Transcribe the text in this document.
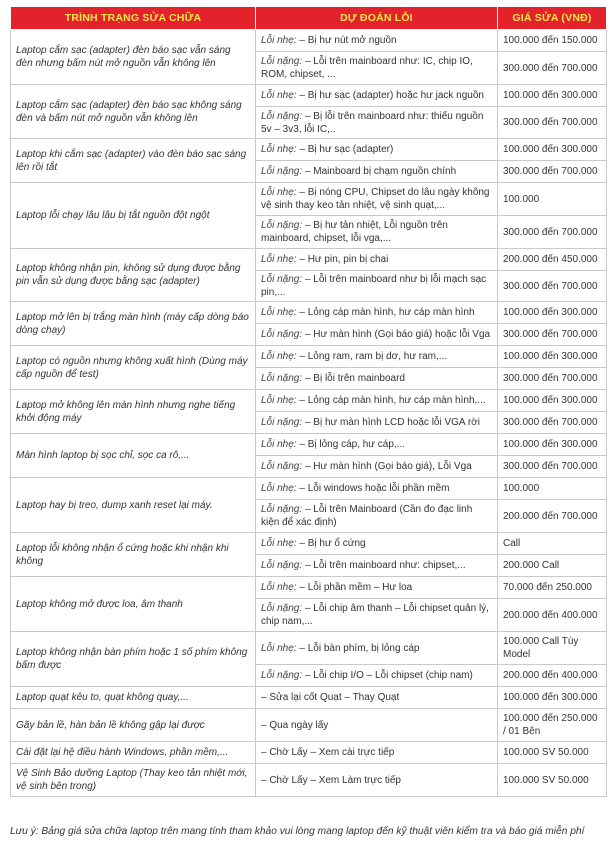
TRÌNH TRẠNG SỬA CHỮA	DỰ ĐOÁN LỖI	GIÁ SỬA (VNĐ)
Laptop cắm sạc (adapter) đèn báo sạc vẫn sáng đèn nhưng bấm nút mở nguồn vẫn không lên	Lỗi nhẹ: – Bị hư nút mở nguồn	100.000 đến 150.000
	Lỗi nặng: – Lỗi trên mainboard như: IC, chip IO, ROM, chipset, ...	300.000 đến 700.000
Laptop cắm sạc (adapter) đèn báo sạc không sáng đèn và bấm nút mở nguồn vẫn không lên	Lỗi nhẹ: – Bị hư sạc (adapter) hoặc hư jack nguồn	100.000 đến 300.000
	Lỗi nặng: – Bị lỗi trên mainboard như: thiếu nguồn 5v – 3v3, lỗi IC,..	300.000 đến 700.000
Laptop khi cắm sạc (adapter) vào đèn báo sạc sáng lên rồi tắt	Lỗi nhẹ: – Bị hư sạc (adapter)	100.000 đến 300.000
	Lỗi nặng: – Mainboard bị chạm nguồn chính	300.000 đến 700.000
Laptop lỗi chạy lâu lâu bị tắt nguồn đột ngột	Lỗi nhẹ: – Bị nóng CPU, Chipset do lâu ngày không vệ sinh thay keo tản nhiệt, vệ sinh quạt,...	100.000
	Lỗi nặng: – Bị hư tản nhiệt, Lỗi nguồn trên mainboard, chipset, lỗi vga,...	300.000 đến 700.000
Laptop không nhận pin, không sử dụng được bằng pin vẫn sử dụng được bằng sạc (adapter)	Lỗi nhẹ: – Hư pin, pin bị chai	200.000 đến 450.000
	Lỗi nặng: – Lỗi trên mainboard như bị lỗi mạch sạc pin,...	300.000 đến 700.000
Laptop mở lên bị trắng màn hình (máy cấp dòng báo dòng chạy)	Lỗi nhẹ: – Lỏng cáp màn hình, hư cáp màn hình	100.000 đến 300.000
	Lỗi nặng: – Hư màn hình (Gọi báo giá) hoặc lỗi Vga	300.000 đến 700.000
Laptop có nguồn nhưng không xuất hình (Dùng máy cấp nguồn để test)	Lỗi nhẹ: – Lỏng ram, ram bị dơ, hư ram,...	100.000 đến 300.000
	Lỗi nặng: – Bị lỗi trên mainboard	300.000 đến 700.000
Laptop mở không lên màn hình nhưng nghe tiếng khởi động máy	Lỗi nhẹ: – Lỏng cáp màn hình, hư cáp màn hình,...	100.000 đến 300.000
	Lỗi nặng: – Bị hư màn hình LCD hoặc lỗi VGA rời	300.000 đến 700.000
Màn hình laptop bị sọc chỉ, sọc ca rô,...	Lỗi nhẹ: – Bị lỏng cáp, hư cáp,...	100.000 đến 300.000
	Lỗi nặng: – Hư màn hình (Gọi báo giá), Lỗi Vga	300.000 đến 700.000
Laptop hay bị treo, dump xanh reset lại máy.	Lỗi nhẹ: – Lỗi windows hoặc lỗi phần mềm	100.000
	Lỗi nặng: – Lỗi trên Mainboard (Cần đo đạc linh kiện để xác định)	200.000 đến 700.000
Laptop lỗi không nhận ổ cứng hoặc khi nhận khi không	Lỗi nhẹ: – Bị hư ổ cứng	Call
	Lỗi nặng: – Lỗi trên mainboard như: chipset,...	200.000 Call
Laptop không mở được loa, âm thanh	Lỗi nhẹ: – Lỗi phần mềm – Hư loa	70.000 đến 250.000
	Lỗi nặng: – Lỗi chip âm thanh – Lỗi chipset quản lý, chip nam,...	200.000 đến 400.000
Laptop không nhận bàn phím hoặc 1 số phím không bấm được	Lỗi nhẹ: – Lỗi bàn phím, bị lỏng cáp	100.000 Call Tùy Model
	Lỗi nặng: – Lỗi chip I/O – Lỗi chipset (chip nam)	200.000 đến 400.000
Laptop quạt kêu to, quạt không quay,...	– Sửa lại cốt Quạt – Thay Quạt	100.000 đến 300.000
Gãy bản lề, hàn bản lề không gập lại được	– Qua ngày lấy	100.000 đến 250.000 / 01 Bên
Cài đặt lại hệ điều hành Windows, phần mềm,...	– Chờ Lấy – Xem cài trực tiếp	100.000 SV 50.000
Vệ Sinh Bảo dưỡng Laptop (Thay keo tản nhiệt mới, vệ sinh bên trong)	– Chờ Lấy – Xem Làm trực tiếp	100.000 SV 50.000
Lưu ý: Bảng giá sửa chữa laptop trên mang tính tham khảo vui lòng mang laptop đến kỹ thuật viên kiểm tra và báo giá miễn phí
